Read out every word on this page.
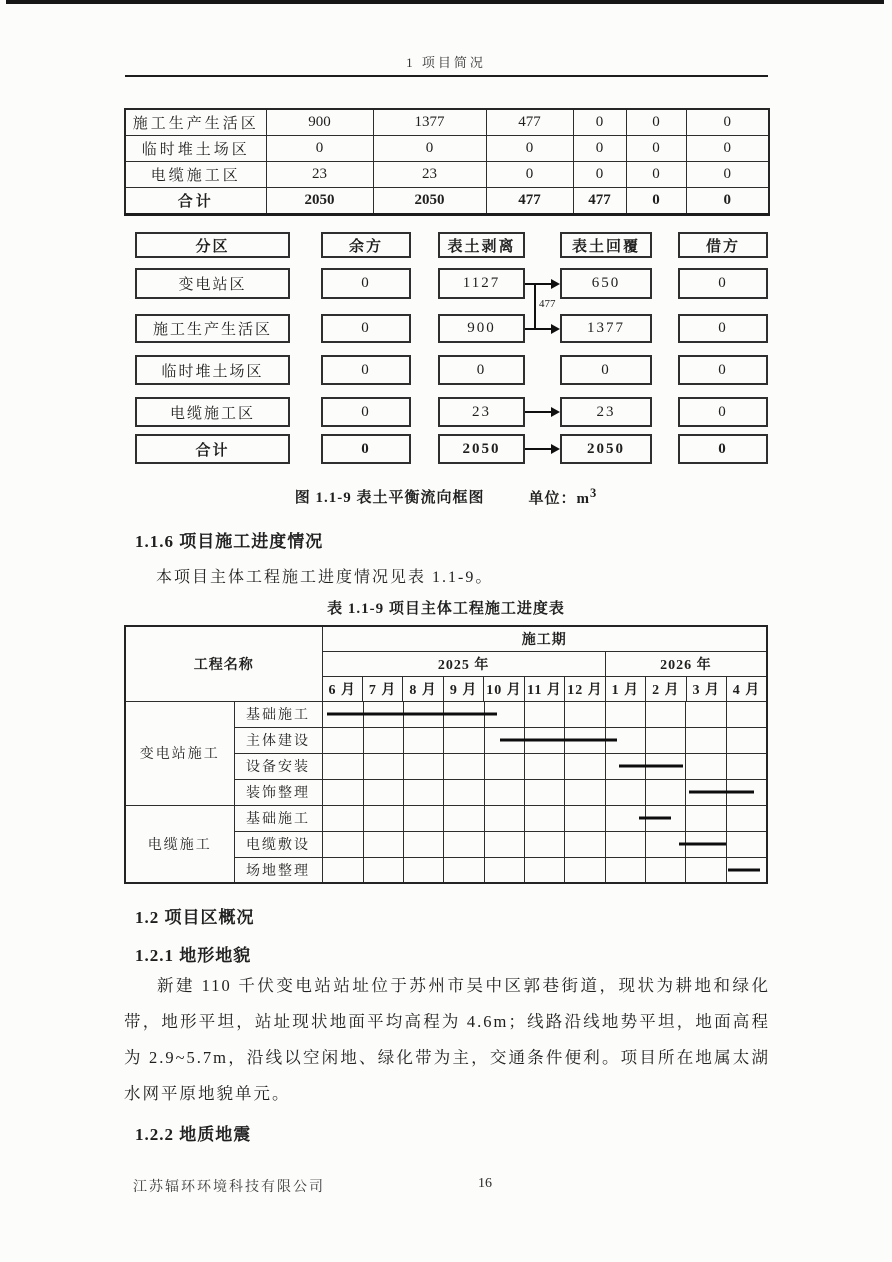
1 项目简况
施工生产生活区	900	1377	477	0	0	0
临时堆土场区	0	0	0	0	0	0
电缆施工区	23	23	0	0	0	0
合计	2050	2050	477	477	0	0
分区	余方	表土剥离	表土回覆	借方
变电站区	0	1127	650	0
施工生产生活区	0	900	1377	0
临时堆土场区	0	0	0	0
电缆施工区	0	23	23	0
合计	0	2050	2050	0
477
图 1.1-9 表土平衡流向框图	单位：$m^3$
1.1.6 项目施工进度情况
本项目主体工程施工进度情况见表 1.1-9。
表 1.1-9 项目主体工程施工进度表
工程名称		施工期										
		2025 年							2026 年			
		6 月	7 月	8 月	9 月	10 月	11 月	12 月	1 月	2 月	3 月	4 月
变电站施工	基础施工											

	主体建设											

	设备安装											

	装饰整理											

电缆施工	基础施工											

	电缆敷设											

	场地整理											
1.2 项目区概况
1.2.1 地形地貌
新建 110 千伏变电站站址位于苏州市吴中区郭巷街道，现状为耕地和绿化带，地形平坦，站址现状地面平均高程为 4.6m；线路沿线地势平坦，地面高程为 2.9~5.7m，沿线以空闲地、绿化带为主，交通条件便利。项目所在地属太湖水网平原地貌单元。
1.2.2 地质地震
江苏辐环环境科技有限公司	16
